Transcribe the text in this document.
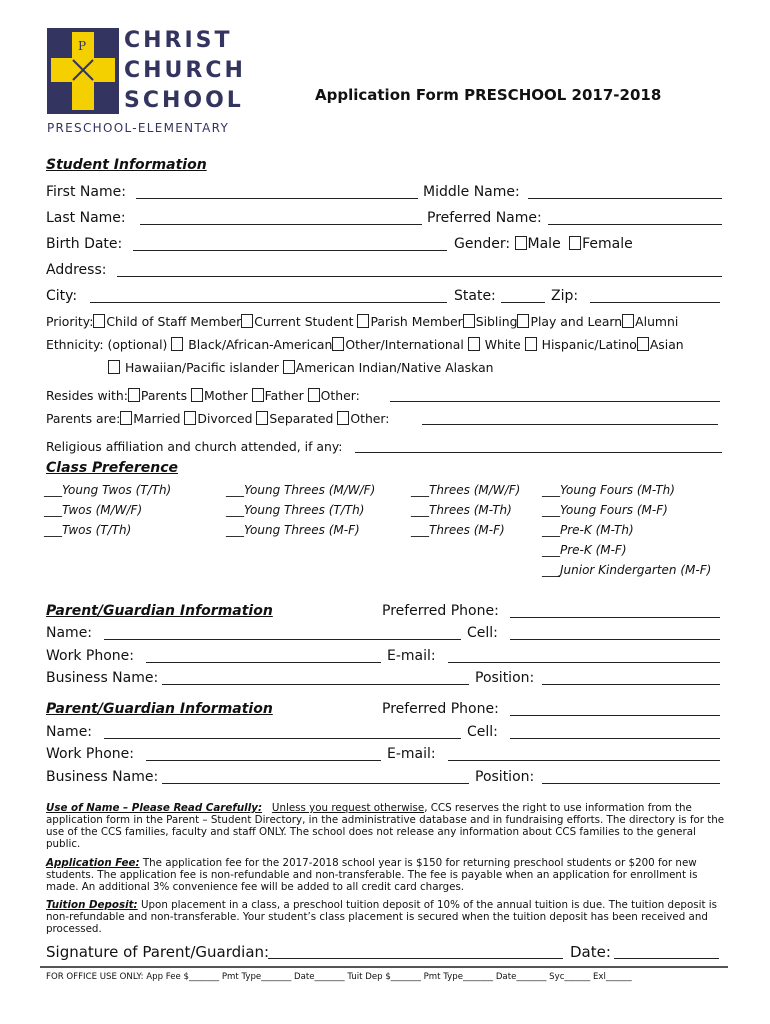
P CHRIST
CHURCH
SCHOOL
PRESCHOOL-ELEMENTARY
Application Form PRESCHOOL 2017-2018
Student Information
First Name:	Middle Name:
Last Name:	Preferred Name:
Birth Date:	Gender: Male Female
Address:
City:	State:	Zip:
Priority: Child of Staff Member Current Student Parish Member Sibling Play and Learn Alumni
Ethnicity: (optional) Black/African-American Other/International White Hispanic/Latino Asian
Hawaiian/Pacific islander American Indian/Native Alaskan
Resides with: Parents Mother Father Other:
Parents are: Married Divorced Separated Other:
Religious affiliation and church attended, if any:
Class Preference
___Young Twos (T/Th)	___Young Threes (M/W/F)	___Threes (M/W/F) ___Young Fours (M-Th)
___Twos (M/W/F)	___Young Threes (T/Th)	___Threes (M-Th)	___Young Fours (M-F)
___Twos (T/Th)	___Young Threes (M-F)	___Threes (M-F)	___Pre-K (M-Th)
___Pre-K (M-F)
___Junior Kindergarten (M-F)
Parent/Guardian Information	Preferred Phone:
Name:	Cell:
Work Phone:	E-mail:
Business Name:	Position:
Parent/Guardian Information	Preferred Phone:
Name:	Cell:
Work Phone:	E-mail:
Business Name:	Position:
Use of Name – Please Read Carefully: Unless you request otherwise, CCS reserves the right to use information from the application form in the Parent – Student Directory, in the administrative database and in fundraising efforts. The directory is for the use of the CCS families, faculty and staff ONLY. The school does not release any information about CCS families to the general public.
Application Fee: The application fee for the 2017-2018 school year is $150 for returning preschool students or $200 for new students. The application fee is non-refundable and non-transferable. The fee is payable when an application for enrollment is made. An additional 3% convenience fee will be added to all credit card charges.
Tuition Deposit: Upon placement in a class, a preschool tuition deposit of 10% of the annual tuition is due. The tuition deposit is non-refundable and non-transferable. Your student’s class placement is secured when the tuition deposit has been received and processed.
Signature of Parent/Guardian:	Date:
FOR OFFICE USE ONLY: App Fee $_______ Pmt Type_______ Date_______ Tuit Dep $_______ Pmt Type_______ Date_______ Syc______ Exl______
